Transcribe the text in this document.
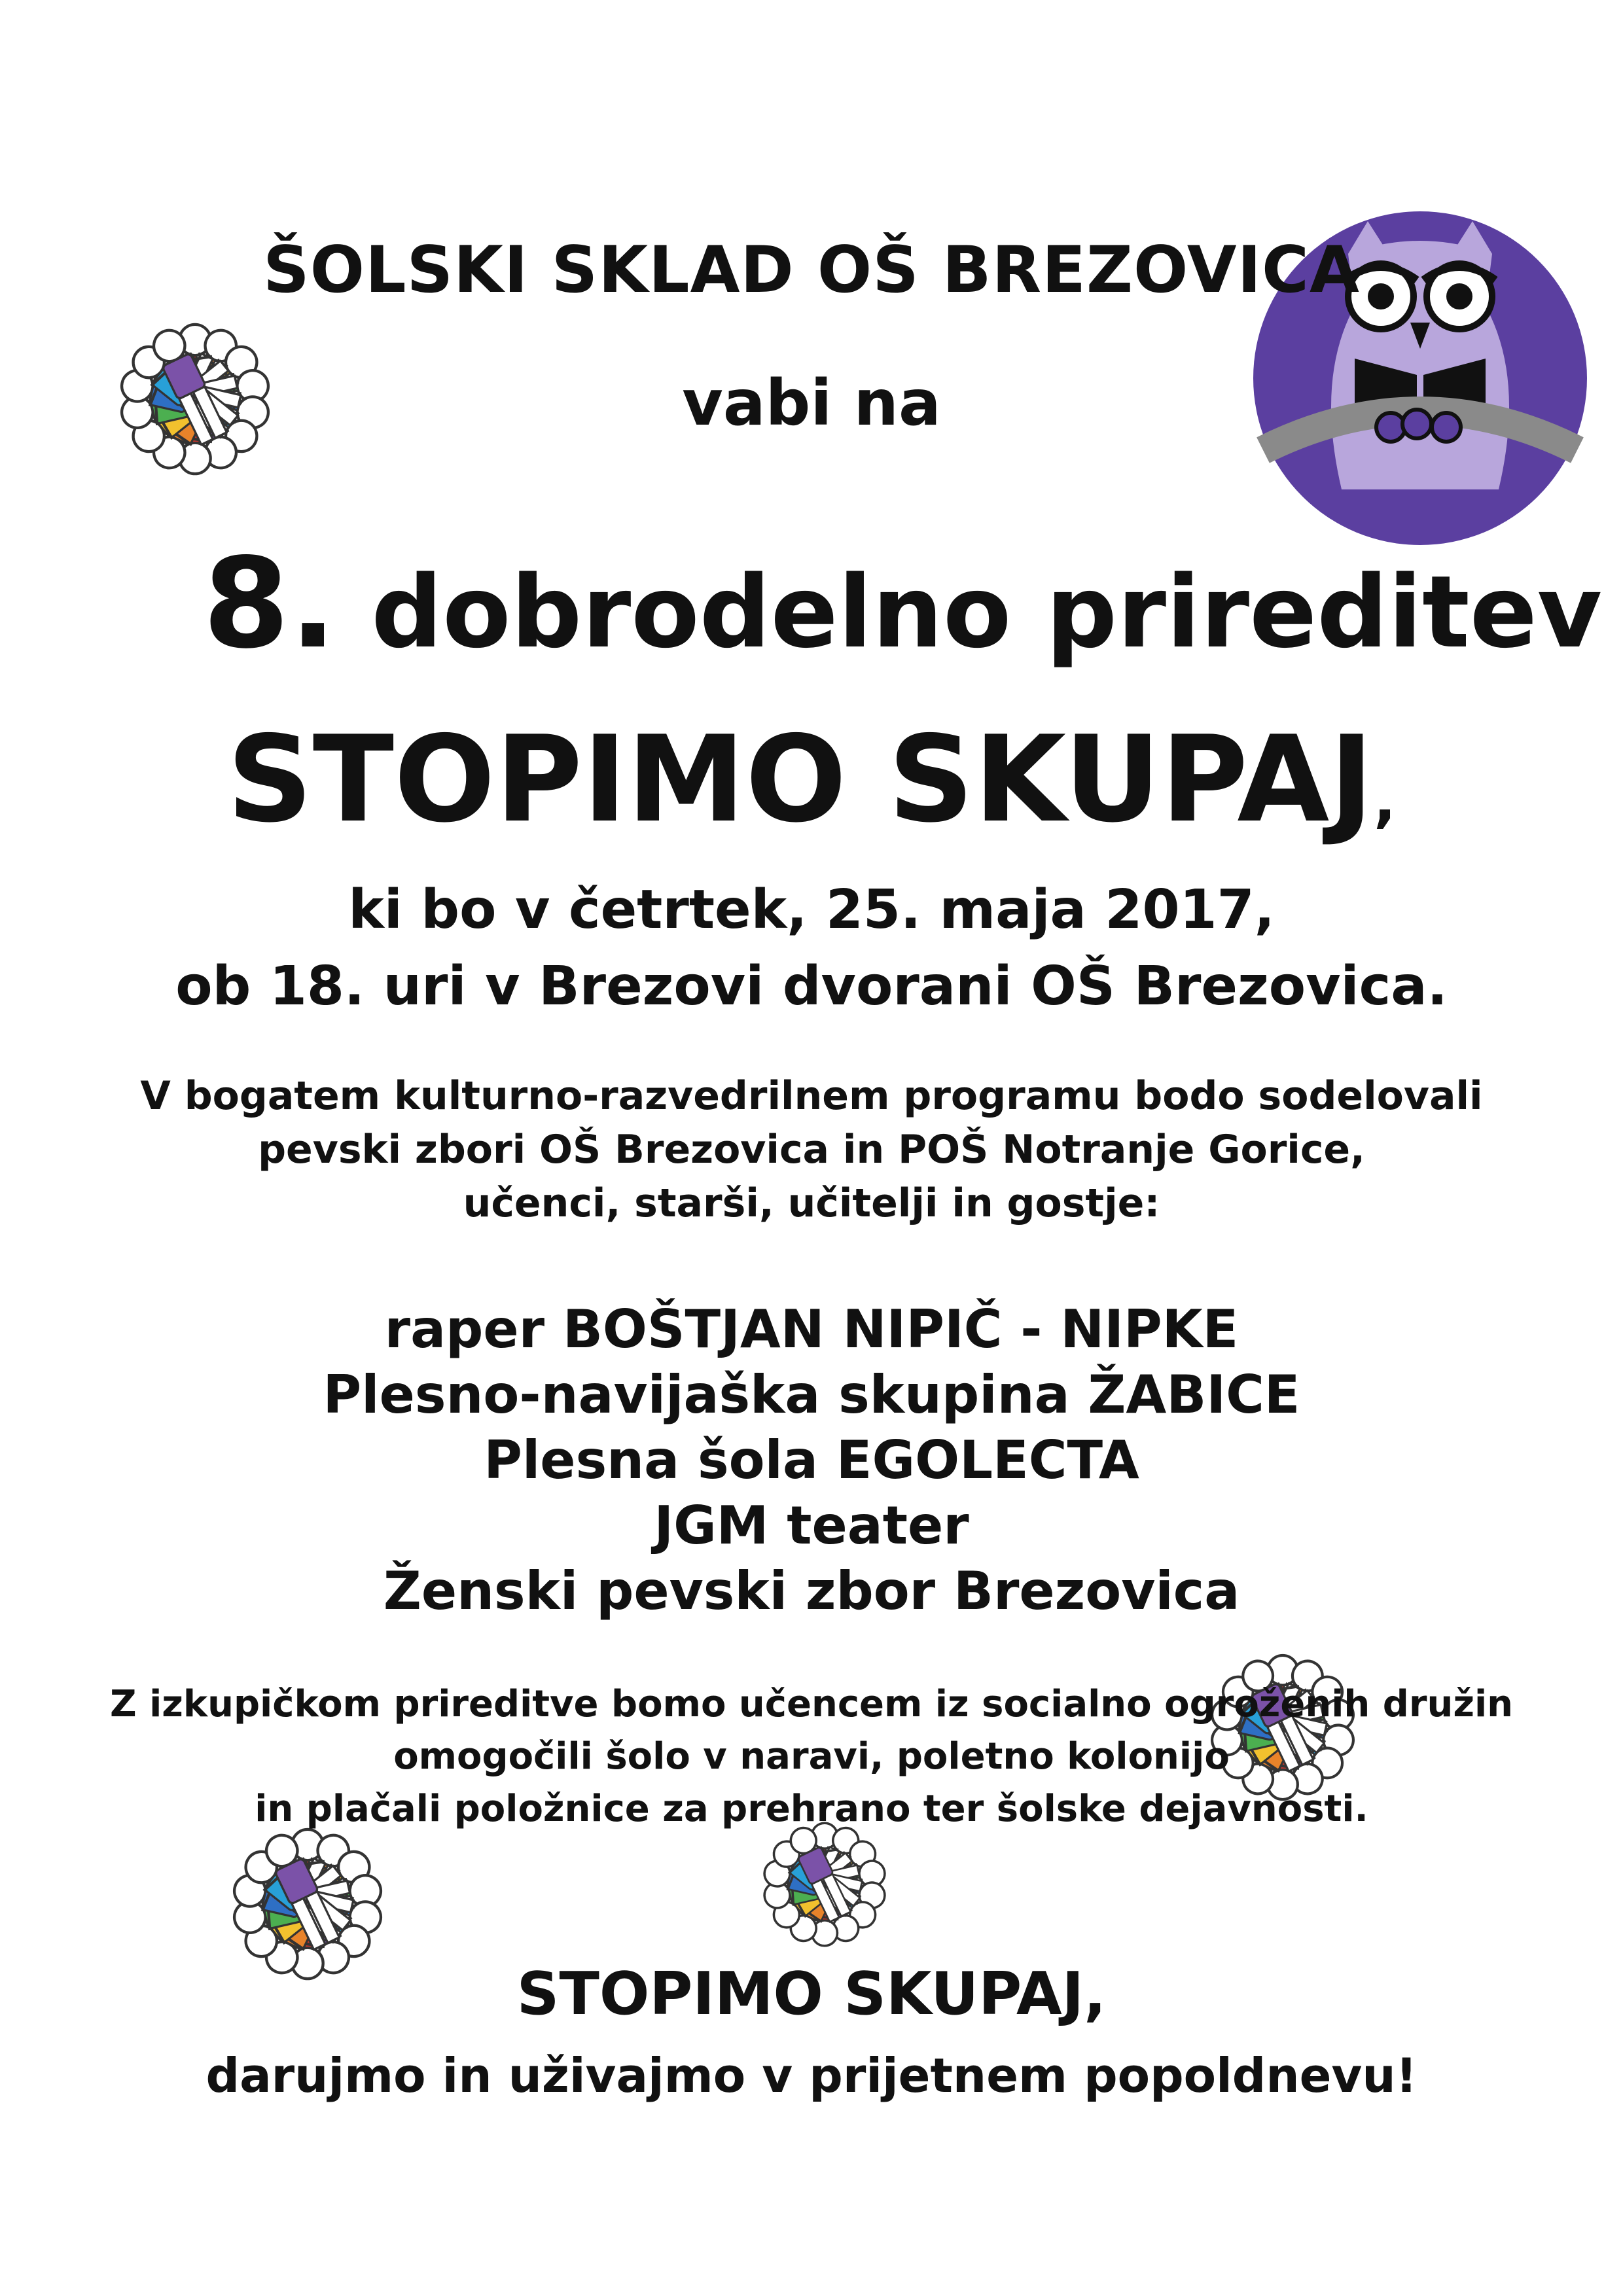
ŠOLSKI SKLAD OŠ BREZOVICA
vabi na
8. dobrodelno prireditev
STOPIMO SKUPAJ,
ki bo v četrtek, 25. maja 2017,
ob 18. uri v Brezovi dvorani OŠ Brezovica.
V bogatem kulturno-razvedrilnem programu bodo sodelovali
pevski zbori OŠ Brezovica in POŠ Notranje Gorice,
učenci, starši, učitelji in gostje:
raper BOŠTJAN NIPIČ - NIPKE
Plesno-navijaška skupina ŽABICE
Plesna šola EGOLECTA
JGM teater
Ženski pevski zbor Brezovica
Z izkupičkom prireditve bomo učencem iz socialno ogroženih družin
omogočili šolo v naravi, poletno kolonijo
in plačali položnice za prehrano ter šolske dejavnosti.
STOPIMO SKUPAJ,
darujmo in uživajmo v prijetnem popoldnevu!
